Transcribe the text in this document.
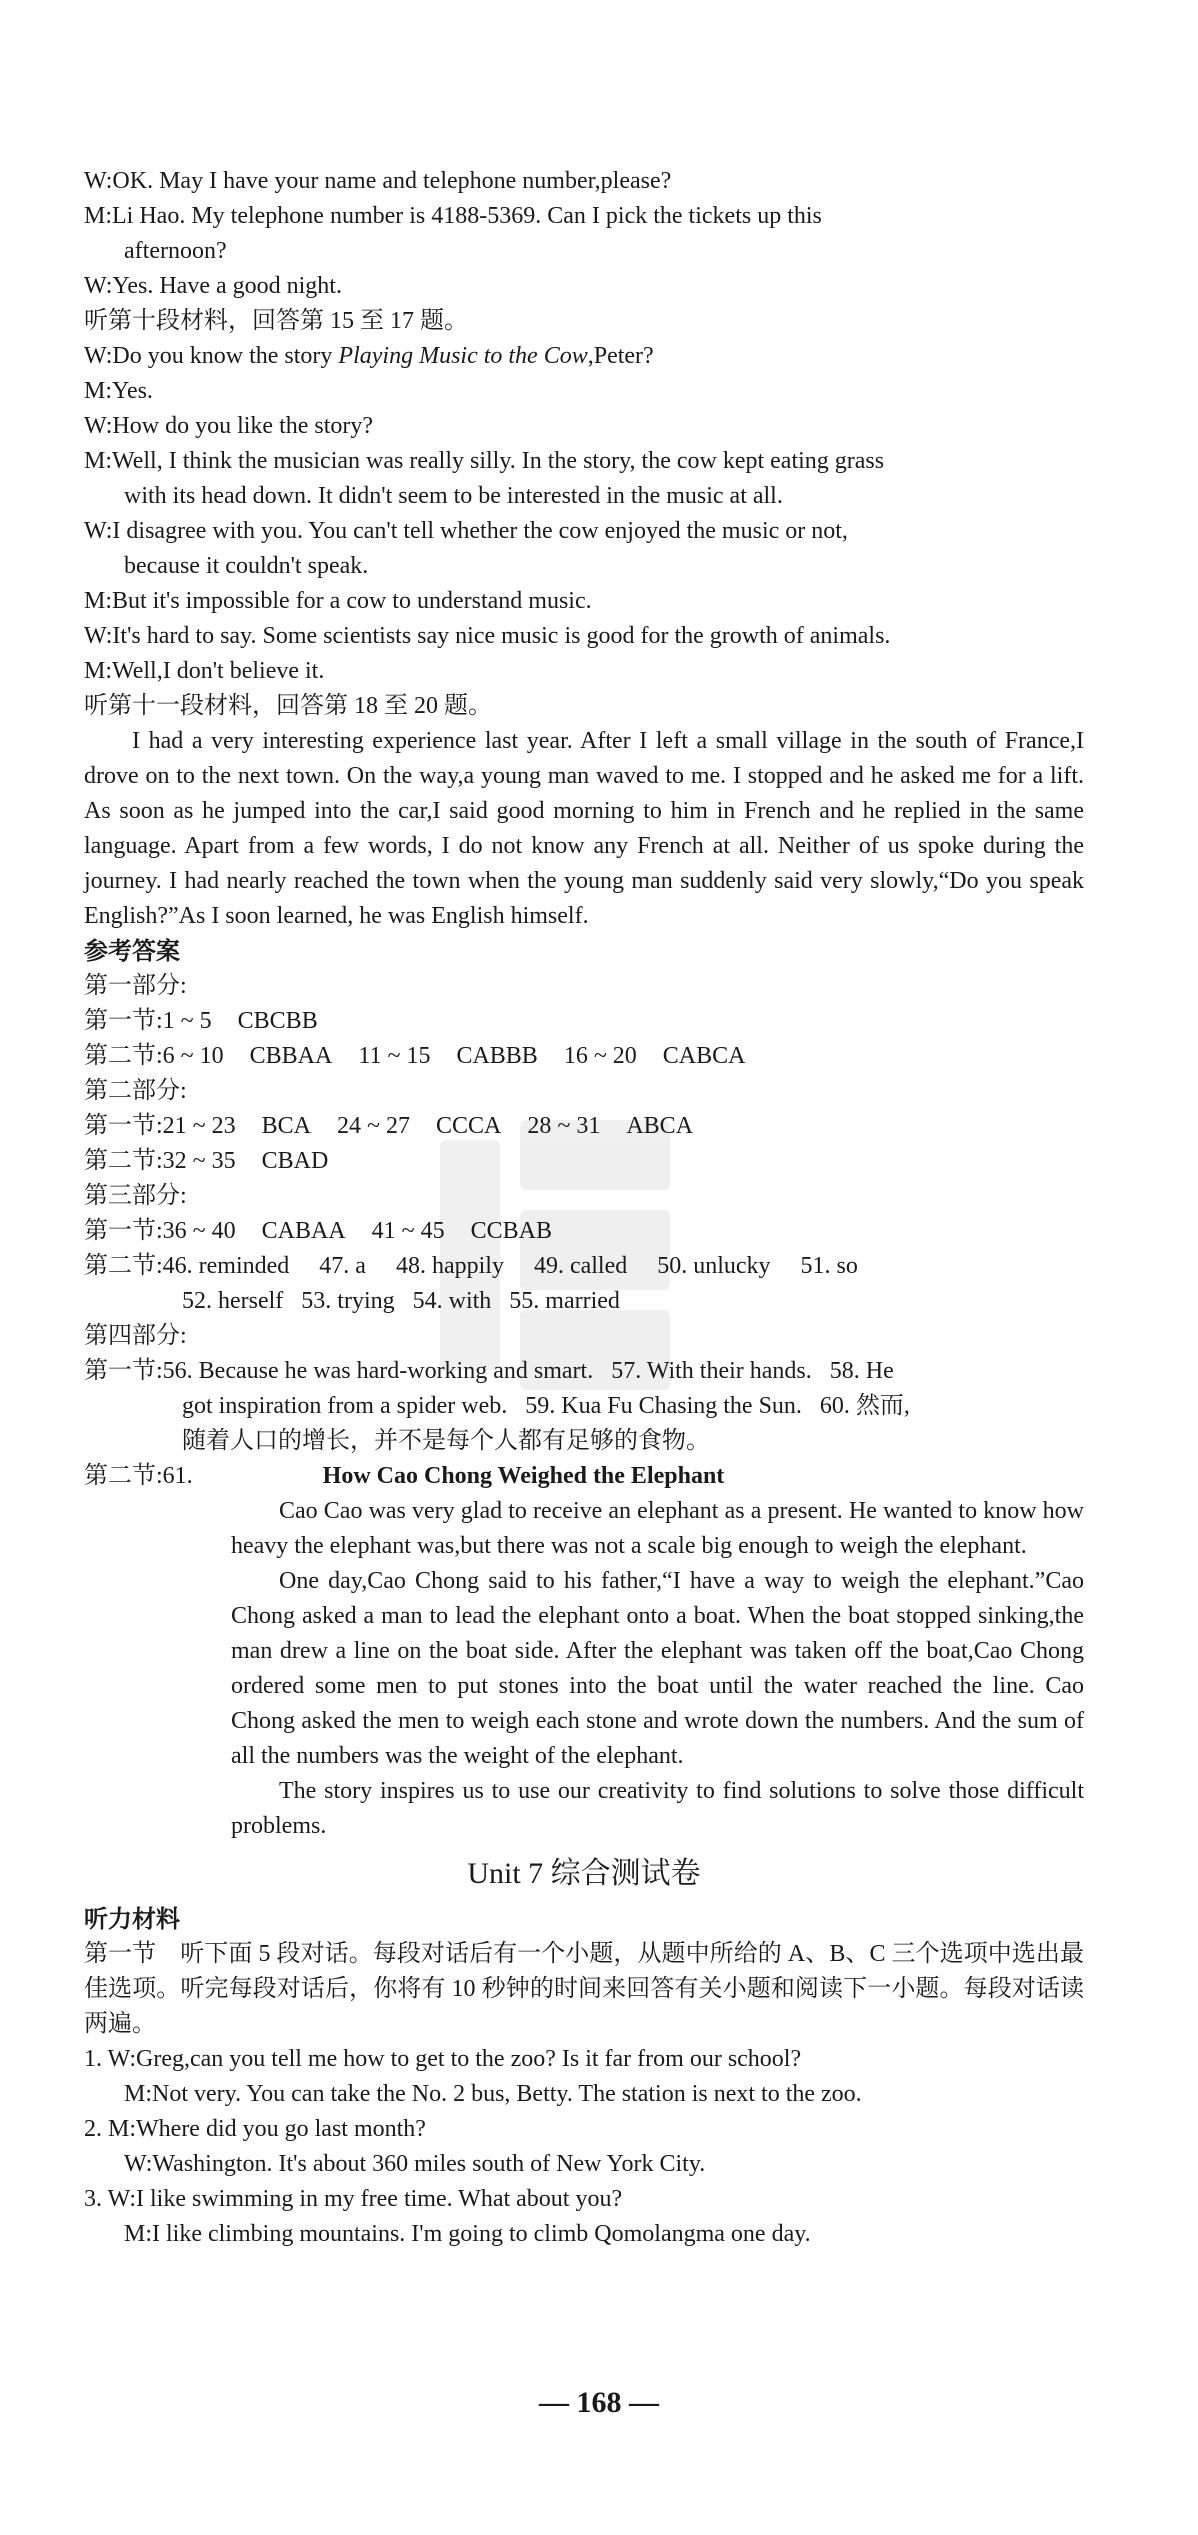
W:OK. May I have your name and telephone number,please?
M:Li Hao. My telephone number is 4188-5369. Can I pick the tickets up this
afternoon?
W:Yes. Have a good night.
听第十段材料，回答第 15 至 17 题。
W:Do you know the story Playing Music to the Cow,Peter?
M:Yes.
W:How do you like the story?
M:Well, I think the musician was really silly. In the story, the cow kept eating grass
with its head down. It didn't seem to be interested in the music at all.
W:I disagree with you. You can't tell whether the cow enjoyed the music or not,
because it couldn't speak.
M:But it's impossible for a cow to understand music.
W:It's hard to say. Some scientists say nice music is good for the growth of animals.
M:Well,I don't believe it.
听第十一段材料，回答第 18 至 20 题。
I had a very interesting experience last year. After I left a small village in the south of France,I drove on to the next town. On the way,a young man waved to me. I stopped and he asked me for a lift. As soon as he jumped into the car,I said good morning to him in French and he replied in the same language. Apart from a few words, I do not know any French at all. Neither of us spoke during the journey. I had nearly reached the town when the young man suddenly said very slowly,“Do you speak English?”As I soon learned, he was English himself.
参考答案
第一部分:
第一节:1 ~ 5 CBCBB
第二节:6 ~ 10 CBBAA 11 ~ 15 CABBB 16 ~ 20 CABCA
第二部分:
第一节:21 ~ 23 BCA 24 ~ 27 CCCA 28 ~ 31 ABCA
第二节:32 ~ 35 CBAD
第三部分:
第一节:36 ~ 40 CABAA 41 ~ 45 CCBAB
第二节:46. reminded     47. a     48. happily     49. called     50. unlucky     51. so
52. herself   53. trying   54. with   55. married
第四部分:
第一节:56. Because he was hard-working and smart.   57. With their hands.   58. He
got inspiration from a spider web.   59. Kua Fu Chasing the Sun.   60. 然而,
随着人口的增长，并不是每个人都有足够的食物。
第二节:61.	How Cao Chong Weighed the Elephant
Cao Cao was very glad to receive an elephant as a present. He wanted to know how heavy the elephant was,but there was not a scale big enough to weigh the elephant.
One day,Cao Chong said to his father,“I have a way to weigh the elephant.”Cao Chong asked a man to lead the elephant onto a boat. When the boat stopped sinking,the man drew a line on the boat side. After the elephant was taken off the boat,Cao Chong ordered some men to put stones into the boat until the water reached the line. Cao Chong asked the men to weigh each stone and wrote down the numbers. And the sum of all the numbers was the weight of the elephant.
The story inspires us to use our creativity to find solutions to solve those difficult problems.
Unit 7 综合测试卷
听力材料
第一节　听下面 5 段对话。每段对话后有一个小题，从题中所给的 A、B、C 三个选项中选出最佳选项。听完每段对话后，你将有 10 秒钟的时间来回答有关小题和阅读下一小题。每段对话读两遍。
1. W:Greg,can you tell me how to get to the zoo? Is it far from our school?
M:Not very. You can take the No. 2 bus, Betty. The station is next to the zoo.
2. M:Where did you go last month?
W:Washington. It's about 360 miles south of New York City.
3. W:I like swimming in my free time. What about you?
M:I like climbing mountains. I'm going to climb Qomolangma one day.
— 168 —
